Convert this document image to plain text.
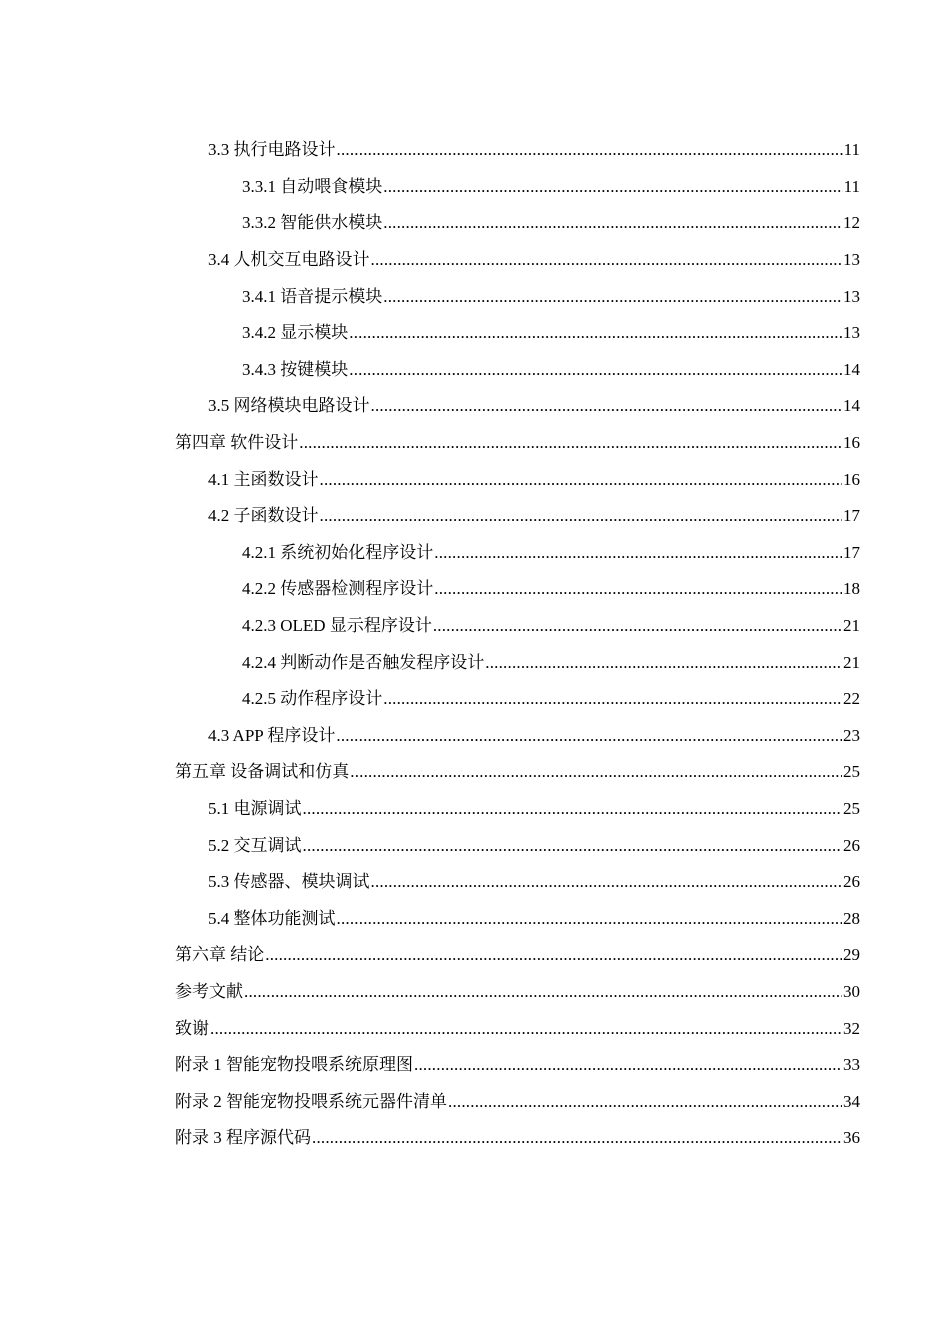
3.3 执行电路设计 .....	11
3.3.1 自动喂食模块 .....	11
3.3.2 智能供水模块 .....	12
3.4 人机交互电路设计 .....	13
3.4.1 语音提示模块 .....	13
3.4.2 显示模块 .....	13
3.4.3 按键模块 .....	14
3.5 网络模块电路设计 .....	14
第四章 软件设计 .....	16
4.1 主函数设计 .....	16
4.2 子函数设计 .....	17
4.2.1 系统初始化程序设计 .....	17
4.2.2 传感器检测程序设计 .....	18
4.2.3 OLED 显示程序设计 .....	21
4.2.4 判断动作是否触发程序设计 .....	21
4.2.5 动作程序设计 .....	22
4.3 APP 程序设计 .....	23
第五章 设备调试和仿真 .....	25
5.1 电源调试 .....	25
5.2 交互调试 .....	26
5.3 传感器、模块调试 .....	26
5.4 整体功能测试 .....	28
第六章 结论 .....	29
参考文献 .....	30
致谢 .....	32
附录 1 智能宠物投喂系统原理图 .....	33
附录 2 智能宠物投喂系统元器件清单 .....	34
附录 3 程序源代码 .....	36
